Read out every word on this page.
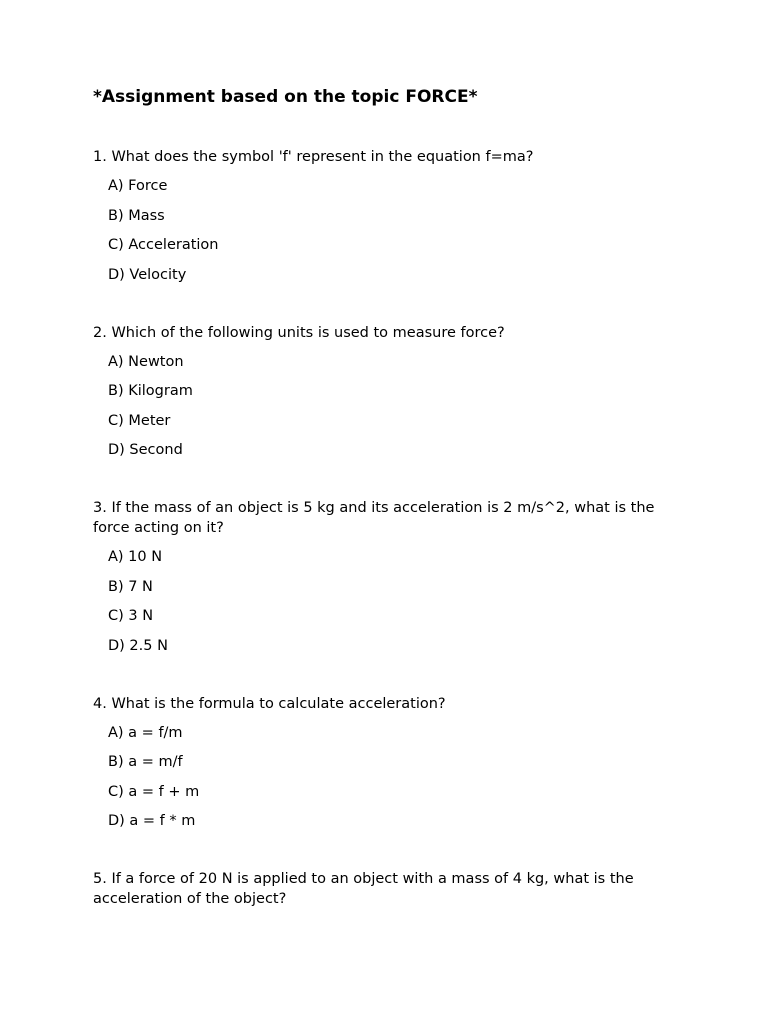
*Assignment based on the topic FORCE*

1. What does the symbol 'f' represent in the equation f=ma?

A) Force
B) Mass
C) Acceleration
D) Velocity

2. Which of the following units is used to measure force?

A) Newton
B) Kilogram
C) Meter
D) Second

3. If the mass of an object is 5 kg and its acceleration is 2 m/s^2, what is the force acting on it?

A) 10 N
B) 7 N
C) 3 N
D) 2.5 N

4. What is the formula to calculate acceleration?

A) a = f/m
B) a = m/f
C) a = f + m
D) a = f * m

5. If a force of 20 N is applied to an object with a mass of 4 kg, what is the acceleration of the object?
